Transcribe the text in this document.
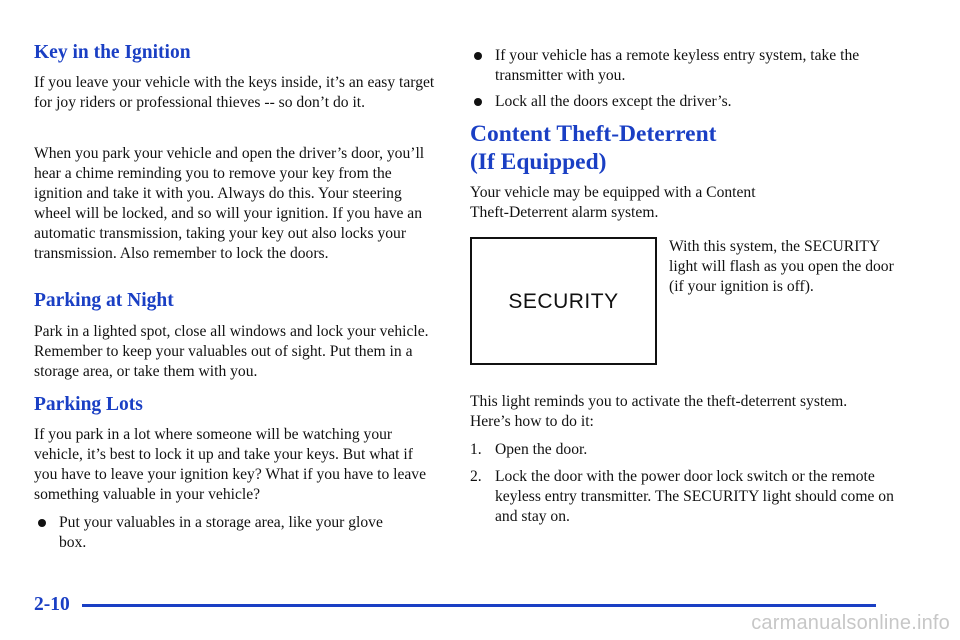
Key in the Ignition

If you leave your vehicle with the keys inside, it’s an easy target for joy riders or professional thieves -- so don’t do it.

When you park your vehicle and open the driver’s door, you’ll hear a chime reminding you to remove your key from the ignition and take it with you. Always do this. Your steering wheel will be locked, and so will your ignition. If you have an automatic transmission, taking your key out also locks your transmission. Also remember to lock the doors.

Parking at Night

Park in a lighted spot, close all windows and lock your vehicle. Remember to keep your valuables out of sight. Put them in a storage area, or take them with you.

Parking Lots

If you park in a lot where someone will be watching your vehicle, it’s best to lock it up and take your keys. But what if you have to leave your ignition key? What if you have to leave something valuable in your vehicle?

Put your valuables in a storage area, like your glove box.
If your vehicle has a remote keyless entry system, take the transmitter with you.
Lock all the doors except the driver’s.
Content Theft‑Deterrent
(If Equipped)

Your vehicle may be equipped with a Content Theft‑Deterrent alarm system.

This light reminds you to activate the theft‑deterrent system. Here’s how to do it:

1. Open the door.
2. Lock the door with the power door lock switch or the remote keyless entry transmitter. The SECURITY light should come on and stay on.
SECURITY

With this system, the SECURITY light will flash as you open the door (if your ignition is off).

2-10
carmanualsonline.info
